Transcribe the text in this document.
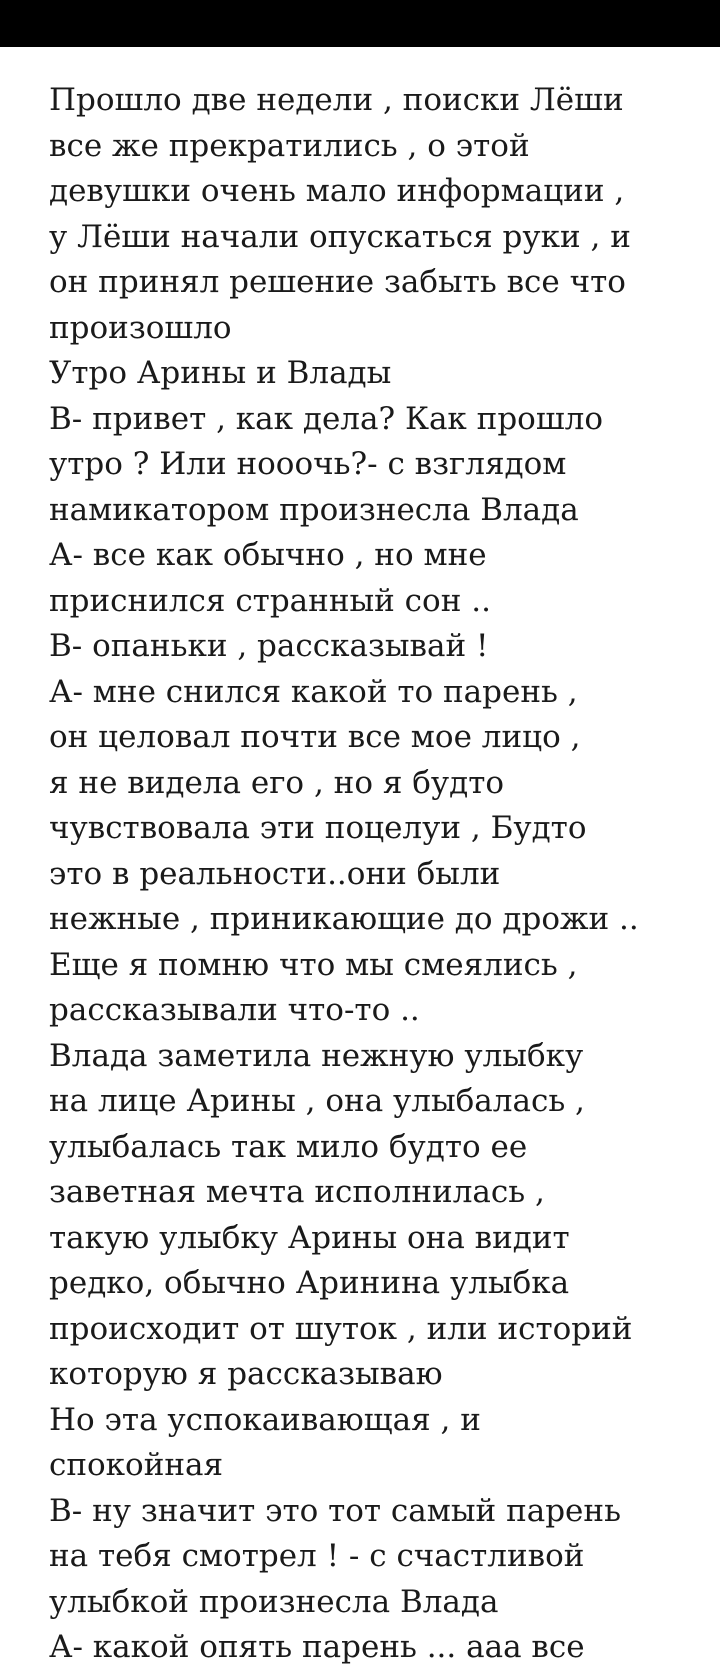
Прошло две недели , поиски Лёши
все же прекратились , о этой
девушки очень мало информации ,
у Лёши начали опускаться руки , и
он принял решение забыть все что
произошло
Утро Арины и Влады
В- привет , как дела? Как прошло
утро ? Или нооочь?- с взглядом
намикатором произнесла Влада
А- все как обычно , но мне
приснился странный сон ..
В- опаньки , рассказывай !
А- мне снился какой то парень ,
он целовал почти все мое лицо ,
я не видела его , но я будто
чувствовала эти поцелуи , Будто
это в реальности..они были
нежные , приникающие до дрожи ..
Еще я помню что мы смеялись ,
рассказывали что-то ..
Влада заметила нежную улыбку
на лице Арины , она улыбалась ,
улыбалась так мило будто ее
заветная мечта исполнилась ,
такую улыбку Арины она видит
редко, обычно Аринина улыбка
происходит от шуток , или историй
которую я рассказываю
Но эта успокаивающая , и
спокойная
В- ну значит это тот самый парень
на тебя смотрел ! - с счастливой
улыбкой произнесла Влада
А- какой опять парень ... ааа все
